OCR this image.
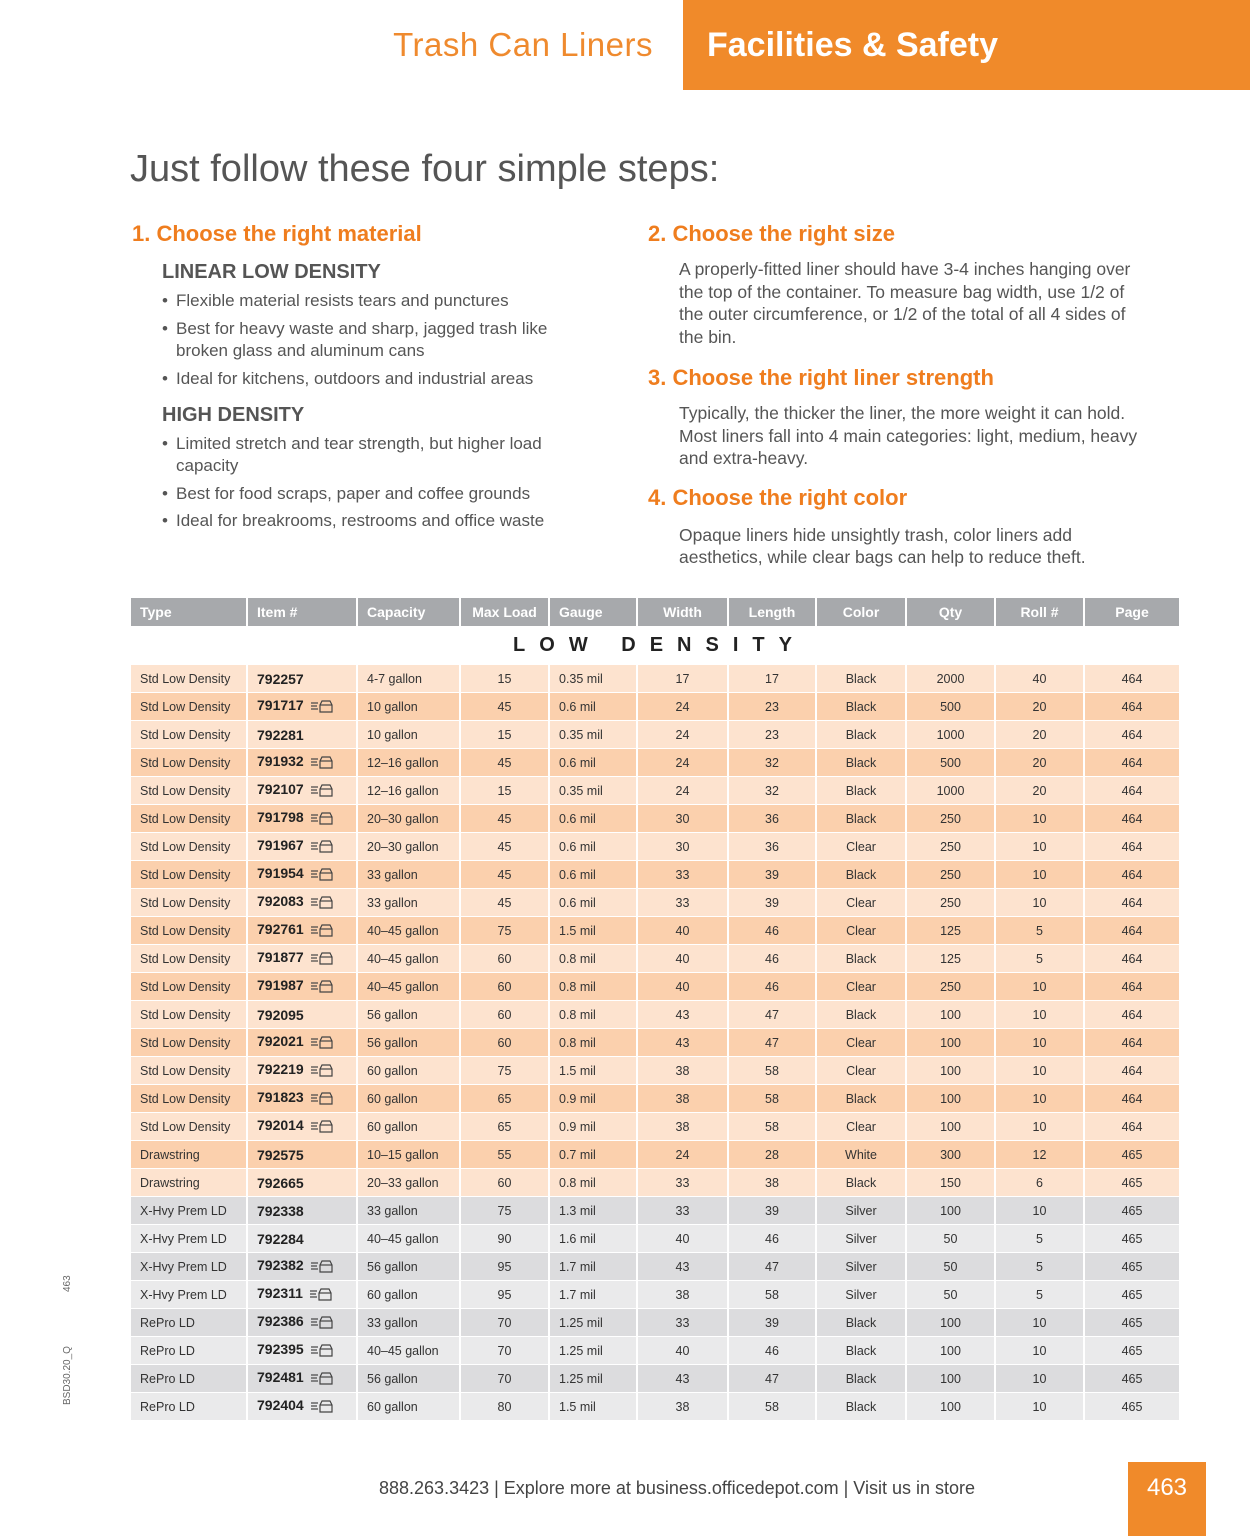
Trash Can Liners Facilities & Safety
Just follow these four simple steps:

1. Choose the right material

LINEAR LOW DENSITY

• Flexible material resists tears and punctures
• Best for heavy waste and sharp, jagged trash like broken glass and aluminum cans
• Ideal for kitchens, outdoors and industrial areas

HIGH DENSITY

• Limited stretch and tear strength, but higher load capacity
• Best for food scraps, paper and coffee grounds
• Ideal for breakrooms, restrooms and office waste

2. Choose the right size

A properly-fitted liner should have 3-4 inches hanging over the top of the container. To measure bag width, use 1/2 of the outer circumference, or 1/2 of the total of all 4 sides of the bin.

3. Choose the right liner strength

Typically, the thicker the liner, the more weight it can hold. Most liners fall into 4 main categories: light, medium, heavy and extra-heavy.

4. Choose the right color

Opaque liners hide unsightly trash, color liners add aesthetics, while clear bags can help to reduce theft.

Type	Item #	Capacity	Max Load	Gauge	Width	Length	Color	Qty	Roll #	Page
LOW DENSITY										
Std Low Density	792257	4-7 gallon	15	0.35 mil	17	17	Black	2000	40	464
Std Low Density	791717	10 gallon	45	0.6 mil	24	23	Black	500	20	464
Std Low Density	792281	10 gallon	15	0.35 mil	24	23	Black	1000	20	464
Std Low Density	791932	12–16 gallon	45	0.6 mil	24	32	Black	500	20	464
Std Low Density	792107	12–16 gallon	15	0.35 mil	24	32	Black	1000	20	464
Std Low Density	791798	20–30 gallon	45	0.6 mil	30	36	Black	250	10	464
Std Low Density	791967	20–30 gallon	45	0.6 mil	30	36	Clear	250	10	464
Std Low Density	791954	33 gallon	45	0.6 mil	33	39	Black	250	10	464
Std Low Density	792083	33 gallon	45	0.6 mil	33	39	Clear	250	10	464
Std Low Density	792761	40–45 gallon	75	1.5 mil	40	46	Clear	125	5	464
Std Low Density	791877	40–45 gallon	60	0.8 mil	40	46	Black	125	5	464
Std Low Density	791987	40–45 gallon	60	0.8 mil	40	46	Clear	250	10	464
Std Low Density	792095	56 gallon	60	0.8 mil	43	47	Black	100	10	464
Std Low Density	792021	56 gallon	60	0.8 mil	43	47	Clear	100	10	464
Std Low Density	792219	60 gallon	75	1.5 mil	38	58	Clear	100	10	464
Std Low Density	791823	60 gallon	65	0.9 mil	38	58	Black	100	10	464
Std Low Density	792014	60 gallon	65	0.9 mil	38	58	Clear	100	10	464
Drawstring	792575	10–15 gallon	55	0.7 mil	24	28	White	300	12	465
Drawstring	792665	20–33 gallon	60	0.8 mil	33	38	Black	150	6	465
X-Hvy Prem LD	792338	33 gallon	75	1.3 mil	33	39	Silver	100	10	465
X-Hvy Prem LD	792284	40–45 gallon	90	1.6 mil	40	46	Silver	50	5	465
X-Hvy Prem LD	792382	56 gallon	95	1.7 mil	43	47	Silver	50	5	465
X-Hvy Prem LD	792311	60 gallon	95	1.7 mil	38	58	Silver	50	5	465
RePro LD	792386	33 gallon	70	1.25 mil	33	39	Black	100	10	465
RePro LD	792395	40–45 gallon	70	1.25 mil	40	46	Black	100	10	465
RePro LD	792481	56 gallon	70	1.25 mil	43	47	Black	100	10	465
RePro LD	792404	60 gallon	80	1.5 mil	38	58	Black	100	10	465
463
BSD30.20_Q
888.263.3423 | Explore more at business.officedepot.com | Visit us in store	463
